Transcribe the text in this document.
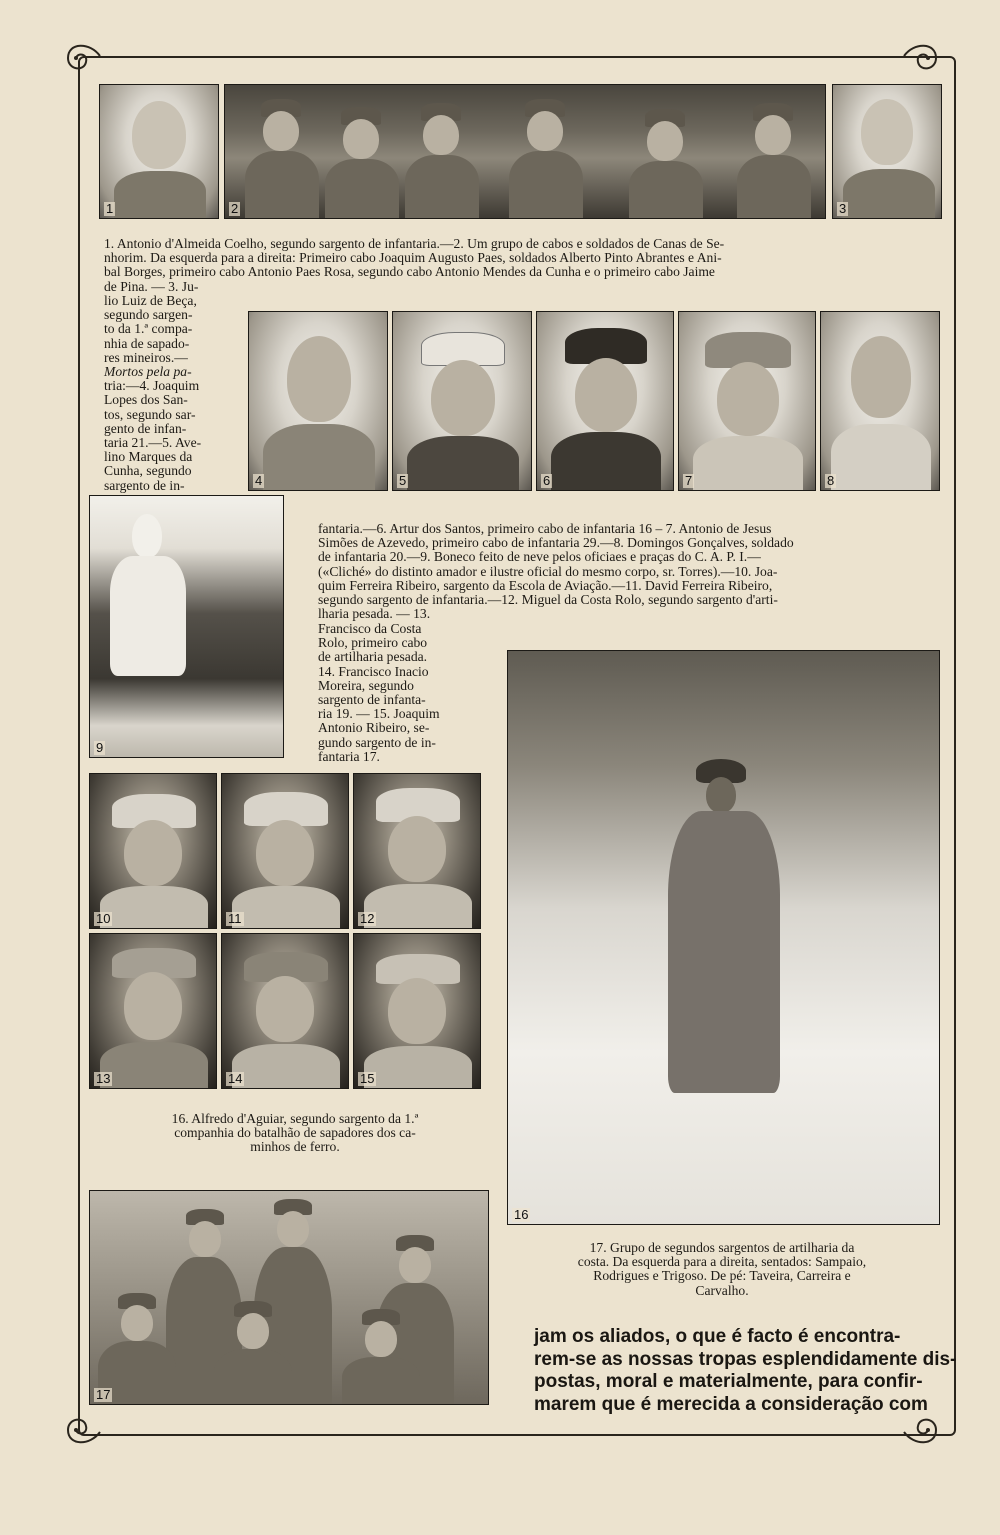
1	2	3
1. Antonio d'Almeida Coelho, segundo sargento de infantaria.—2. Um grupo de cabos e soldados de Canas de Se-
nhorim. Da esquerda para a direita: Primeiro cabo Joaquim Augusto Paes, soldados Alberto Pinto Abrantes e Ani-
bal Borges, primeiro cabo Antonio Paes Rosa, segundo cabo Antonio Mendes da Cunha e o primeiro cabo Jaime
de Pina. — 3. Ju-
lio Luiz de Beça,
segundo sargen-
to da 1.ª compa-
nhia de sapado-
res mineiros.—
Mortos pela pa-
tria:—4. Joaquim
Lopes dos San-
tos, segundo sar-
gento de infan-
taria 21.—5. Ave-
lino Marques da
Cunha, segundo
sargento de in-	4	5	6	7	8
9
fantaria.—6. Artur dos Santos, primeiro cabo de infantaria 16 – 7. Antonio de Jesus
Simões de Azevedo, primeiro cabo de infantaria 29.—8. Domingos Gonçalves, soldado
de infantaria 20.—9. Boneco feito de neve pelos oficiaes e praças do C. A. P. I.—
(«Cliché» do distinto amador e ilustre oficial do mesmo corpo, sr. Torres).—10. Joa-
quim Ferreira Ribeiro, sargento da Escola de Aviação.—11. David Ferreira Ribeiro,
segundo sargento de infantaria.—12. Miguel da Costa Rolo, segundo sargento d'arti-
lharia pesada. — 13.
Francisco da Costa
Rolo, primeiro cabo
de artilharia pesada.
14. Francisco Inacio
Moreira, segundo
sargento de infanta-
ria 19. — 15. Joaquim
Antonio Ribeiro, se-
gundo sargento de in-
fantaria 17.
16
10	11	12
13	14	15
16. Alfredo d'Aguiar, segundo sargento da 1.ª
companhia do batalhão de sapadores dos ca-
minhos de ferro.
17
17. Grupo de segundos sargentos de artilharia da
costa. Da esquerda para a direita, sentados: Sampaio,
Rodrigues e Trigoso. De pé: Taveira, Carreira e
Carvalho.
jam os aliados, o que é facto é encontra-
rem-se as nossas tropas esplendidamente dis-
postas, moral e materialmente, para confir-
marem que é merecida a consideração com
